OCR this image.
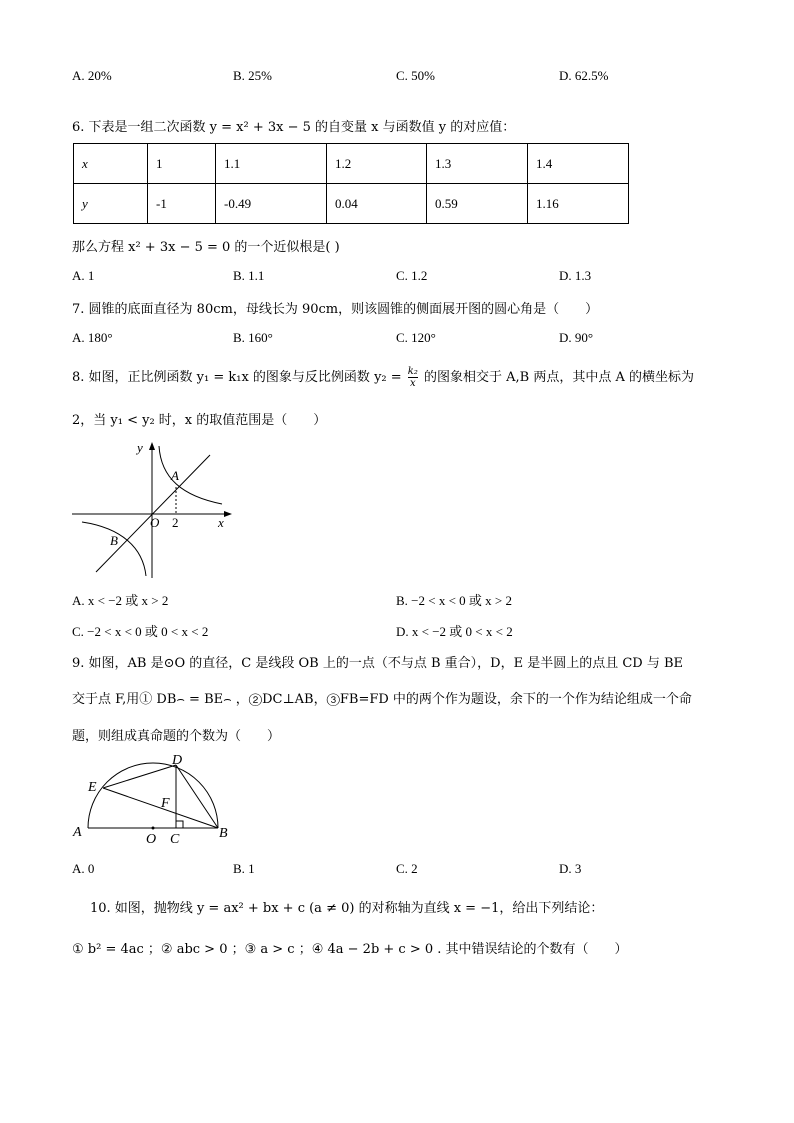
A. 20%	B. 25%	C. 50%	D. 62.5%
6. 下表是一组二次函数 y = x² + 3x − 5 的自变量 x 与函数值 y 的对应值：
x	1	1.1	1.2	1.3	1.4
y	-1	-0.49	0.04	0.59	1.16
那么方程 x² + 3x − 5 = 0 的一个近似根是( )
A. 1	B. 1.1	C. 1.2	D. 1.3
7. 圆锥的底面直径为 80cm，母线长为 90cm，则该圆锥的侧面展开图的圆心角是（　　）
A. 180°	B. 160°	C. 120°	D. 90°
8. 如图，正比例函数 y₁ = k₁x 的图象与反比例函数 $y_2 = \frac{\text{k₂}}{x}$ 的图象相交于 A,B 两点，其中点 A 的横坐标为
2，当 y₁ < y₂ 时，x 的取值范围是（　　）
y
x
O 2
A
B
A. x < −2 或 x > 2	B. −2 < x < 0 或 x > 2
C. −2 < x < 0 或 0 < x < 2	D. x < −2 或 0 < x < 2
9. 如图，AB 是⊙O 的直径，C 是线段 OB 上的一点（不与点 B 重合），D，E 是半圆上的点且 CD 与 BE
交于点 F,用① DB⌢ = BE⌢ ，②DC⊥AB，③FB=FD 中的两个作为题设，余下的一个作为结论组成一个命
题，则组成真命题的个数为（　　）
A	B
C
D
E
F
O
A. 0	B. 1	C. 2	D. 3
10. 如图，抛物线 y = ax² + bx + c (a ≠ 0) 的对称轴为直线 x = −1，给出下列结论：
① b² = 4ac ；② abc > 0 ；③ a > c ；④ 4a − 2b + c > 0 . 其中错误结论的个数有（　　）
